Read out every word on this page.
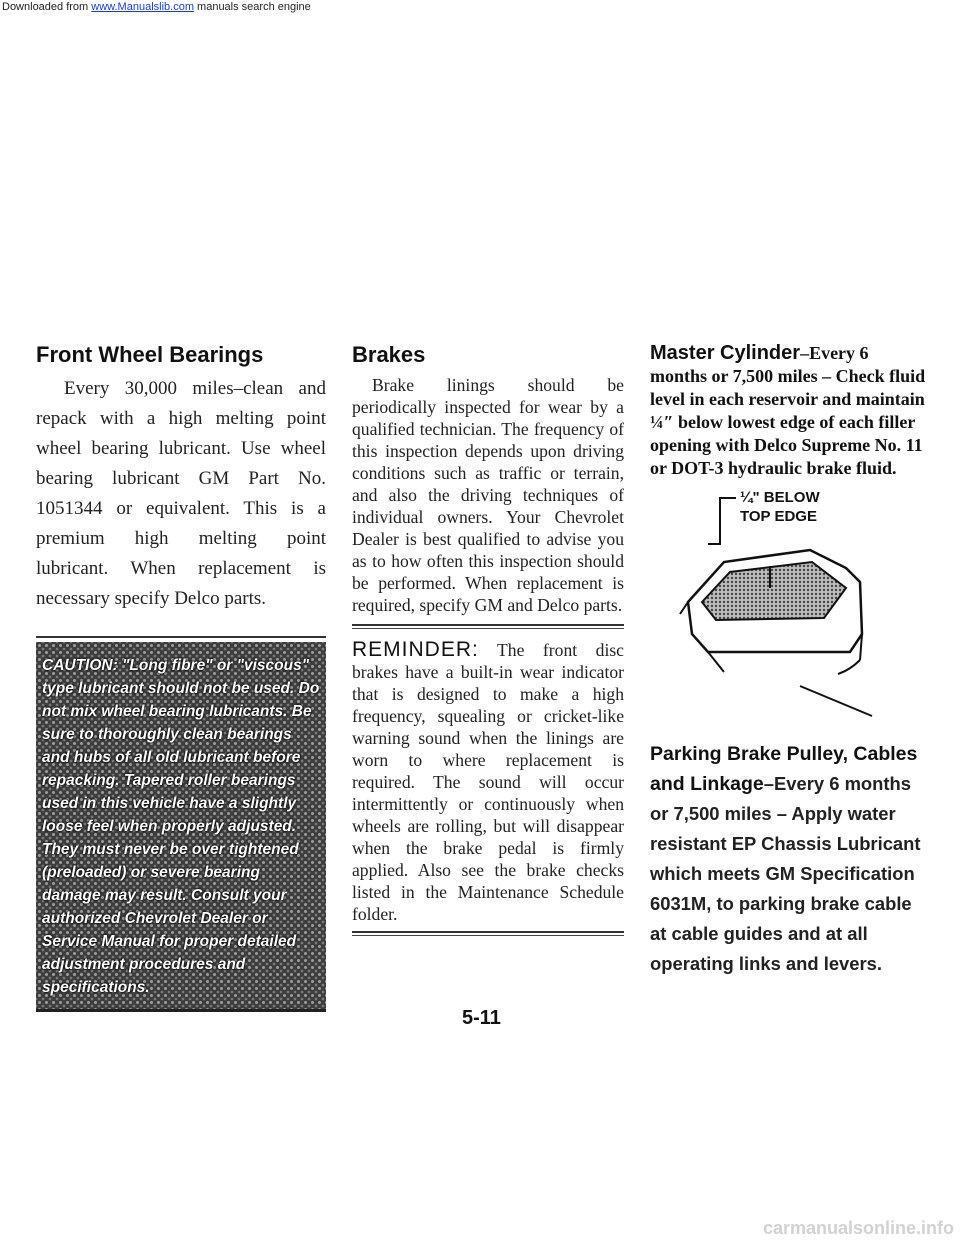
Downloaded from www.Manualslib.com manuals search engine
Front Wheel Bearings

Every 30,000 miles–clean and repack with a high melting point wheel bearing lubricant. Use wheel bearing lubricant GM Part No. 1051344 or equivalent. This is a premium high melting point lubricant. When replacement is necessary specify Delco parts.

CAUTION: "Long fibre" or "viscous" type lubricant should not be used. Do not mix wheel bearing lubricants. Be sure to thoroughly clean bearings and hubs of all old lubricant before repacking. Tapered roller bearings used in this vehicle have a slightly loose feel when properly adjusted. They must never be over tightened (preloaded) or severe bearing damage may result. Consult your authorized Chevrolet Dealer or Service Manual for proper detailed adjustment procedures and specifications.

Brakes

Brake linings should be periodically inspected for wear by a qualified technician. The frequency of this inspection depends upon driving conditions such as traffic or terrain, and also the driving techniques of individual owners. Your Chevrolet Dealer is best qualified to advise you as to how often this inspection should be performed. When replacement is required, specify GM and Delco parts.

REMINDER: The front disc brakes have a built-in wear indicator that is designed to make a high frequency, squealing or cricket-like warning sound when the linings are worn to where replacement is required. The sound will occur intermittently or continuously when wheels are rolling, but will disappear when the brake pedal is firmly applied. Also see the brake checks listed in the Maintenance Schedule folder.

Master Cylinder–Every 6 months or 7,500 miles – Check fluid level in each reservoir and maintain ¼″ below lowest edge of each filler opening with Delco Supreme No. 11 or DOT-3 hydraulic brake fluid.

¼" BELOW
TOP EDGE

Parking Brake Pulley, Cables and Linkage–Every 6 months or 7,500 miles – Apply water resistant EP Chassis Lubricant which meets GM Specification 6031M, to parking brake cable at cable guides and at all operating links and levers.

5-11
carmanualsonline.info
